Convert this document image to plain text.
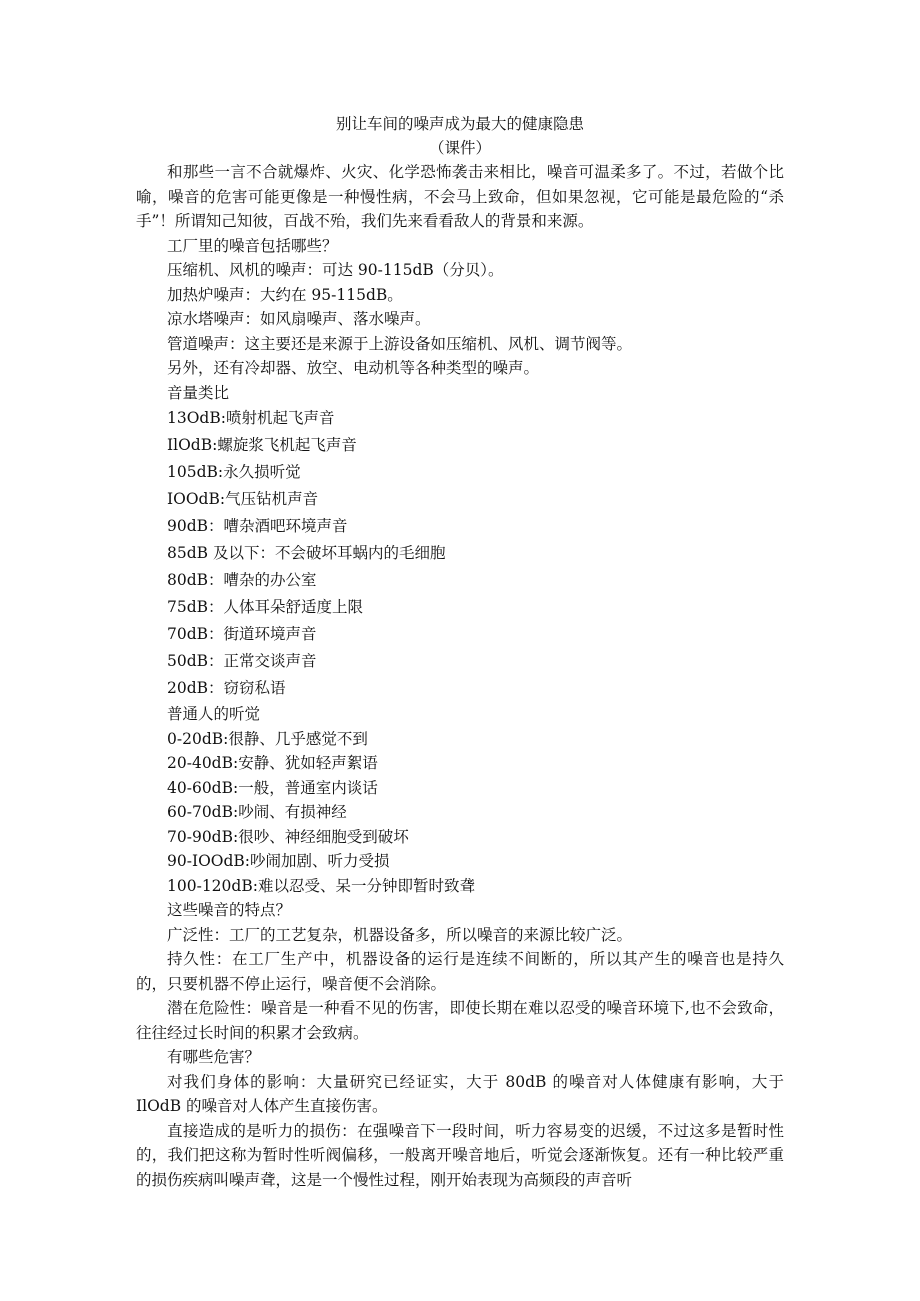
别让车间的噪声成为最大的健康隐患

（课件）

和那些一言不合就爆炸、火灾、化学恐怖袭击来相比，噪音可温柔多了。不过，若做个比喻，噪音的危害可能更像是一种慢性病，不会马上致命，但如果忽视，它可能是最危险的“杀手”！所谓知己知彼，百战不殆，我们先来看看敌人的背景和来源。

工厂里的噪音包括哪些？

压缩机、风机的噪声：可达 90-115dB（分贝）。

加热炉噪声：大约在 95-115dB。

凉水塔噪声：如风扇噪声、落水噪声。

管道噪声：这主要还是来源于上游设备如压缩机、风机、调节阀等。

另外，还有冷却器、放空、电动机等各种类型的噪声。

音量类比

13OdB:喷射机起飞声音

IlOdB:螺旋浆飞机起飞声音

105dB:永久损听觉

IOOdB:气压钻机声音

90dB：嘈杂酒吧环境声音

85dB 及以下：不会破坏耳蜗内的毛细胞

80dB：嘈杂的办公室

75dB：人体耳朵舒适度上限

70dB：街道环境声音

50dB：正常交谈声音

20dB：窃窃私语

普通人的听觉

0-20dB:很静、几乎感觉不到

20-40dB:安静、犹如轻声絮语

40-60dB:一般，普通室内谈话

60-70dB:吵闹、有损神经

70-90dB:很吵、神经细胞受到破坏

90-IOOdB:吵闹加剧、听力受损

100-120dB:难以忍受、呆一分钟即暂时致聋

这些噪音的特点？

广泛性：工厂的工艺复杂，机器设备多，所以噪音的来源比较广泛。

持久性：在工厂生产中，机器设备的运行是连续不间断的，所以其产生的噪音也是持久的，只要机器不停止运行，噪音便不会消除。

潜在危险性：噪音是一种看不见的伤害，即使长期在难以忍受的噪音环境下,也不会致命，往往经过长时间的积累才会致病。

有哪些危害？

对我们身体的影响：大量研究已经证实，大于 80dB 的噪音对人体健康有影响，大于 IlOdB 的噪音对人体产生直接伤害。

直接造成的是听力的损伤：在强噪音下一段时间，听力容易变的迟缓，不过这多是暂时性的，我们把这称为暂时性听阀偏移，一般离开噪音地后，听觉会逐渐恢复。还有一种比较严重的损伤疾病叫噪声聋，这是一个慢性过程，刚开始表现为高频段的声音听
